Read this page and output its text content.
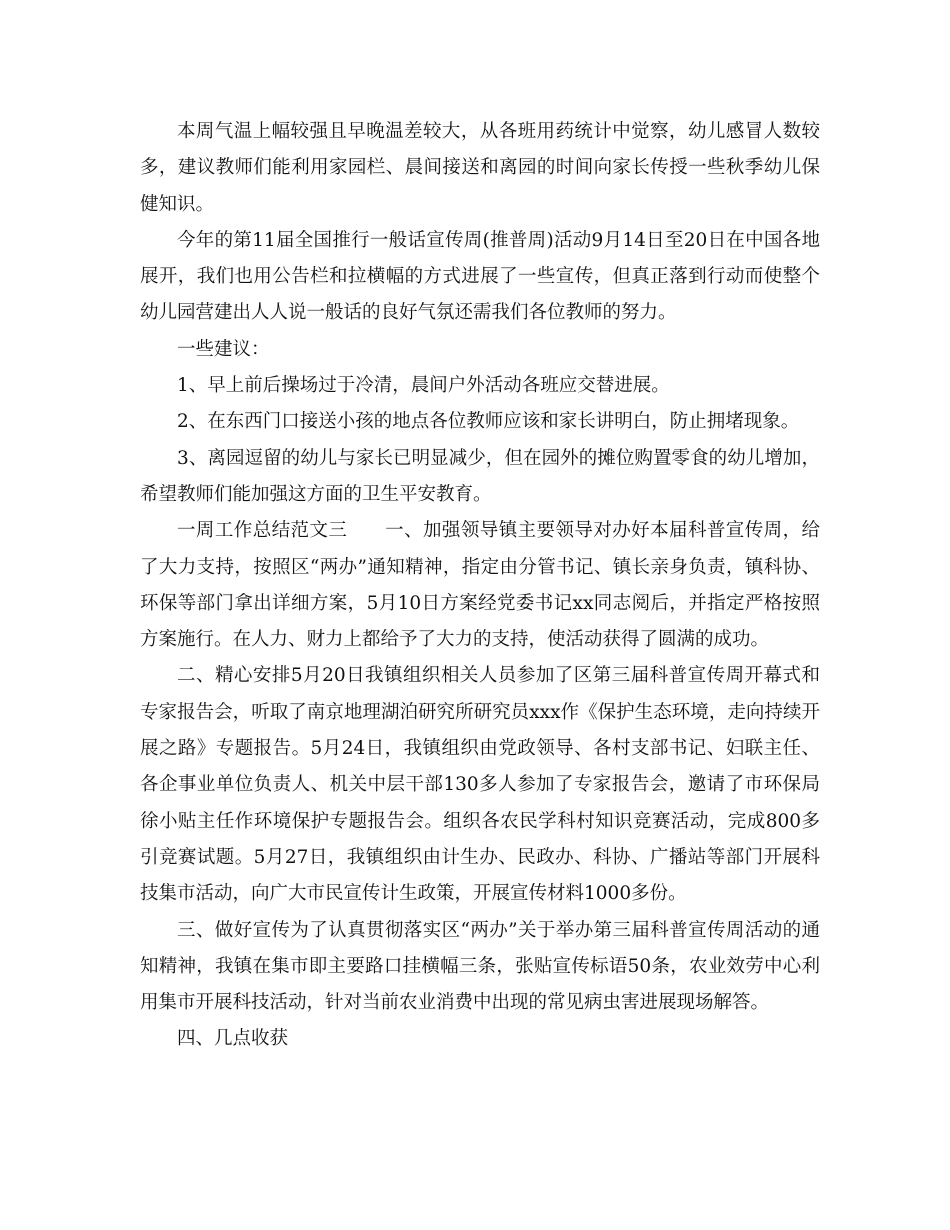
本周气温上幅较强且早晚温差较大，从各班用药统计中觉察，幼儿感冒人数较多，建议教师们能利用家园栏、晨间接送和离园的时间向家长传授一些秋季幼儿保健知识。

今年的第11届全国推行一般话宣传周(推普周)活动9月14日至20日在中国各地展开，我们也用公告栏和拉横幅的方式进展了一些宣传，但真正落到行动而使整个幼儿园营建出人人说一般话的良好气氛还需我们各位教师的努力。

一些建议：

1、早上前后操场过于冷清，晨间户外活动各班应交替进展。

2、在东西门口接送小孩的地点各位教师应该和家长讲明白，防止拥堵现象。

3、离园逗留的幼儿与家长已明显减少，但在园外的摊位购置零食的幼儿增加，希望教师们能加强这方面的卫生平安教育。

一周工作总结范文三　　一、加强领导镇主要领导对办好本届科普宣传周，给了大力支持，按照区“两办”通知精神，指定由分管书记、镇长亲身负责，镇科协、环保等部门拿出详细方案，5月10日方案经党委书记xx同志阅后，并指定严格按照方案施行。在人力、财力上都给予了大力的支持，使活动获得了圆满的成功。

二、精心安排5月20日我镇组织相关人员参加了区第三届科普宣传周开幕式和专家报告会，听取了南京地理湖泊研究所研究员xxx作《保护生态环境，走向持续开展之路》专题报告。5月24日，我镇组织由党政领导、各村支部书记、妇联主任、各企事业单位负责人、机关中层干部130多人参加了专家报告会，邀请了市环保局徐小贴主任作环境保护专题报告会。组织各农民学科村知识竞赛活动，完成800多引竞赛试题。5月27日，我镇组织由计生办、民政办、科协、广播站等部门开展科技集市活动，向广大市民宣传计生政策，开展宣传材料1000多份。

三、做好宣传为了认真贯彻落实区“两办”关于举办第三届科普宣传周活动的通知精神，我镇在集市即主要路口挂横幅三条，张贴宣传标语50条，农业效劳中心利用集市开展科技活动，针对当前农业消费中出现的常见病虫害进展现场解答。

四、几点收获
